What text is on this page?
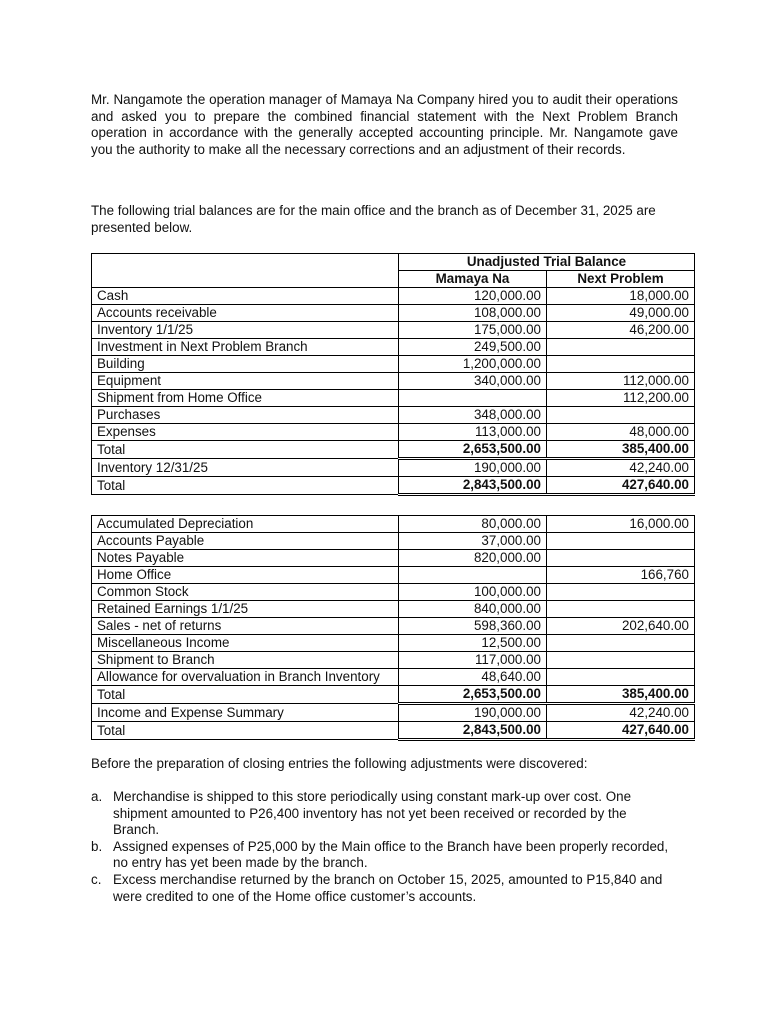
Mr. Nangamote the operation manager of Mamaya Na Company hired you to audit their operations and asked you to prepare the combined financial statement with the Next Problem Branch operation in accordance with the generally accepted accounting principle. Mr. Nangamote gave you the authority to make all the necessary corrections and an adjustment of their records.

The following trial balances are for the main office and the branch as of December 31, 2025 are presented below.

	Unadjusted Trial Balance	
	Mamaya Na	Next Problem
Cash	120,000.00	18,000.00
Accounts receivable	108,000.00	49,000.00
Inventory 1/1/25	175,000.00	46,200.00
Investment in Next Problem Branch	249,500.00	
Building	1,200,000.00	
Equipment	340,000.00	112,000.00
Shipment from Home Office		112,200.00
Purchases	348,000.00	
Expenses	113,000.00	48,000.00
Total	2,653,500.00	385,400.00
Inventory 12/31/25	190,000.00	42,240.00
Total	2,843,500.00	427,640.00
Accumulated Depreciation	80,000.00	16,000.00
Accounts Payable	37,000.00	
Notes Payable	820,000.00	
Home Office		166,760
Common Stock	100,000.00	
Retained Earnings 1/1/25	840,000.00	
Sales - net of returns	598,360.00	202,640.00
Miscellaneous Income	12,500.00	
Shipment to Branch	117,000.00	
Allowance for overvaluation in Branch Inventory	48,640.00	
Total	2,653,500.00	385,400.00
Income and Expense Summary	190,000.00	42,240.00
Total	2,843,500.00	427,640.00

Before the preparation of closing entries the following adjustments were discovered:

a. Merchandise is shipped to this store periodically using constant mark-up over cost. One shipment amounted to P26,400 inventory has not yet been received or recorded by the Branch.
b. Assigned expenses of P25,000 by the Main office to the Branch have been properly recorded, no entry has yet been made by the branch.
c. Excess merchandise returned by the branch on October 15, 2025, amounted to P15,840 and were credited to one of the Home office customer’s accounts.
